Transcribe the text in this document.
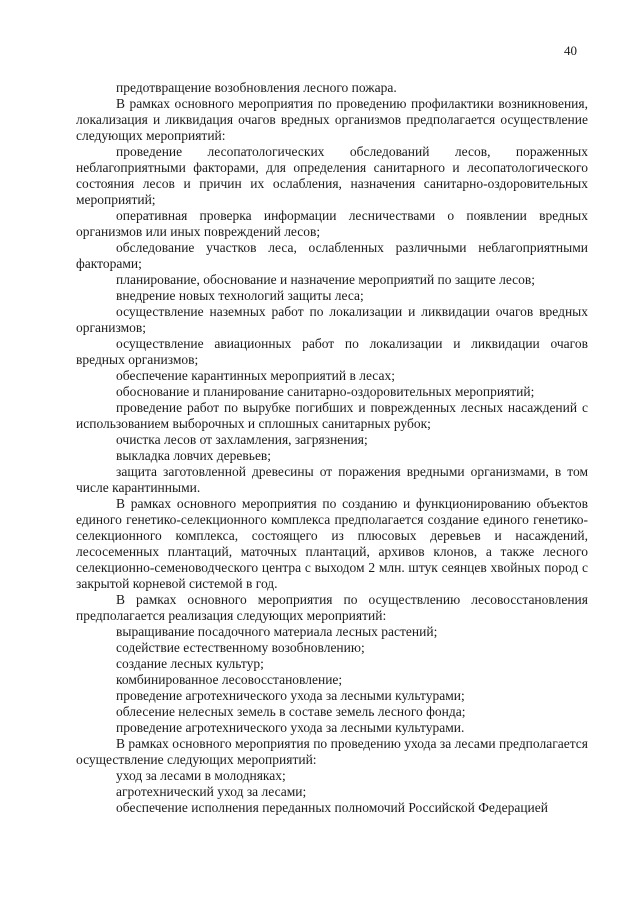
40

предотвращение возобновления лесного пожара.

В рамках основного мероприятия по проведению профилактики возникновения, локализация и ликвидация очагов вредных организмов предполагается осуществление следующих мероприятий:

проведение лесопатологических обследований лесов, пораженных неблагоприятными факторами, для определения санитарного и лесопатологического состояния лесов и причин их ослабления, назначения санитарно-оздоровительных мероприятий;

оперативная проверка информации лесничествами о появлении вредных организмов или иных повреждений лесов;

обследование участков леса, ослабленных различными неблагоприятными факторами;

планирование, обоснование и назначение мероприятий по защите лесов;

внедрение новых технологий защиты леса;

осуществление наземных работ по локализации и ликвидации очагов вредных организмов;

осуществление авиационных работ по локализации и ликвидации очагов вредных организмов;

обеспечение карантинных мероприятий в лесах;

обоснование и планирование санитарно-оздоровительных мероприятий;

проведение работ по вырубке погибших и поврежденных лесных насаждений с использованием выборочных и сплошных санитарных рубок;

очистка лесов от захламления, загрязнения;

выкладка ловчих деревьев;

защита заготовленной древесины от поражения вредными организмами, в том числе карантинными.

В рамках основного мероприятия по созданию и функционированию объектов единого генетико-селекционного комплекса предполагается создание единого генетико-селекционного комплекса, состоящего из плюсовых деревьев и насаждений, лесосеменных плантаций, маточных плантаций, архивов клонов, а также лесного селекционно-семеноводческого центра с выходом 2 млн. штук сеянцев хвойных пород с закрытой корневой системой в год.

В рамках основного мероприятия по осуществлению лесовосстановления предполагается реализация следующих мероприятий:

выращивание посадочного материала лесных растений;

содействие естественному возобновлению;

создание лесных культур;

комбинированное лесовосстановление;

проведение агротехнического ухода за лесными культурами;

облесение нелесных земель в составе земель лесного фонда;

проведение агротехнического ухода за лесными культурами.

В рамках основного мероприятия по проведению ухода за лесами предполагается осуществление следующих мероприятий:

уход за лесами в молодняках;

агротехнический уход за лесами;

обеспечение исполнения переданных полномочий Российской Федерацией
